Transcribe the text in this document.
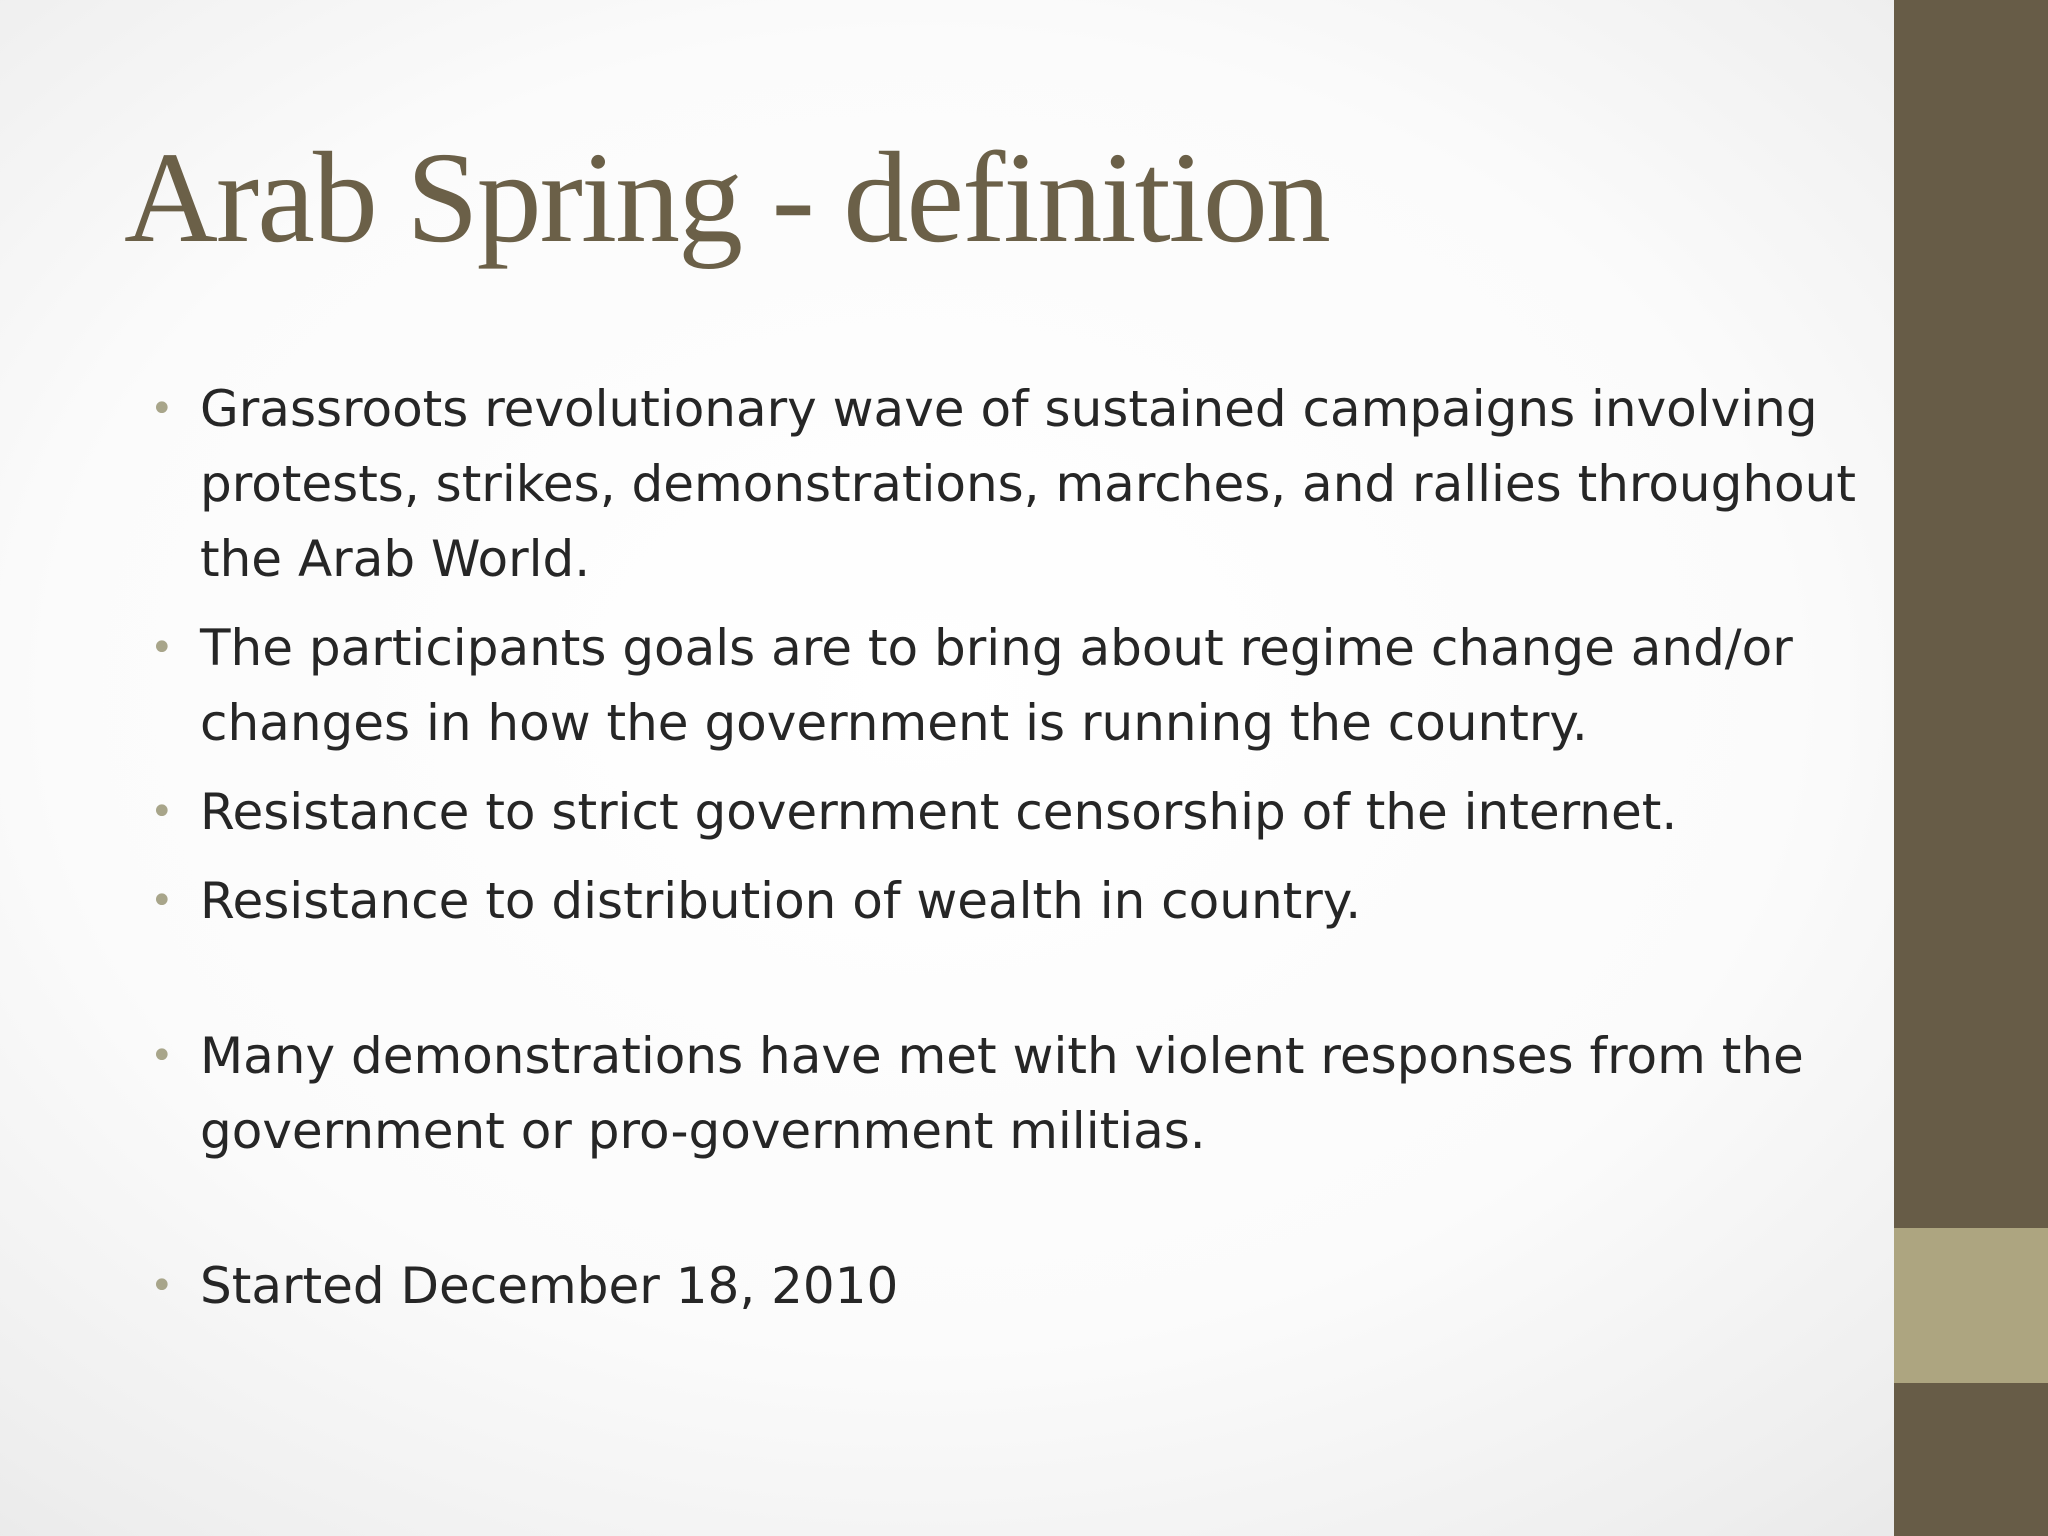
Arab Spring - definition
• Grassroots revolutionary wave of sustained campaigns involving protests, strikes, demonstrations, marches, and rallies throughout the Arab World.
• The participants goals are to bring about regime change and/or changes in how the government is running the country.
• Resistance to strict government censorship of the internet.
• Resistance to distribution of wealth in country.
• Many demonstrations have met with violent responses from the government or pro-government militias.
• Started December 18, 2010
